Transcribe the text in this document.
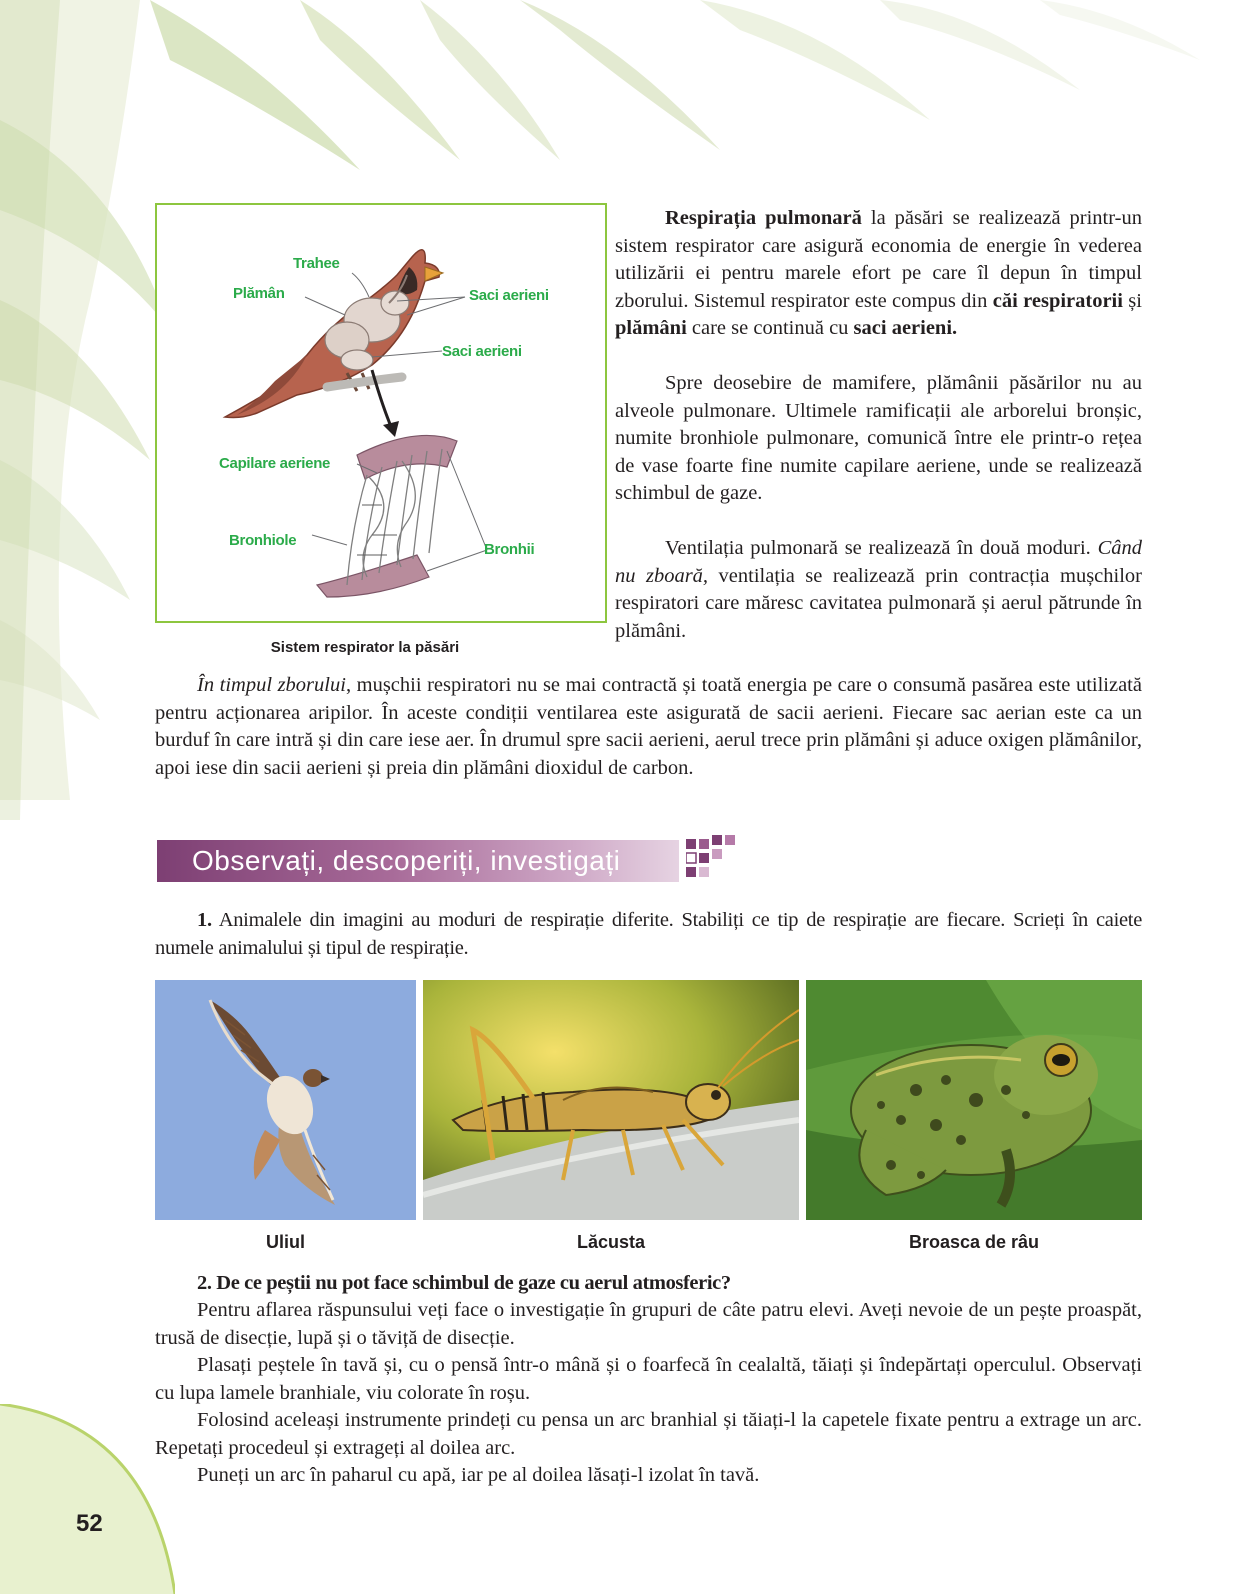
Trahee
Plămân	Saci aerieni
Saci aerieni
Capilare aeriene
Bronhiole
Bronhii
Sistem respirator la păsări

Respirația pulmonară la păsări se realizează printr-un sistem respirator care asigură economia de energie în vederea utilizării ei pentru marele efort pe care îl depun în timpul zborului. Sistemul respirator este compus din căi respiratorii și plămâni care se continuă cu saci aerieni.

Spre deosebire de mamifere, plămânii păsărilor nu au alveole pulmonare. Ultimele ramificații ale arborelui bronșic, numite bronhiole pulmonare, comunică între ele printr-o rețea de vase foarte fine numite capilare aeriene, unde se realizează schimbul de gaze.

Ventilația pulmonară se realizează în două moduri. Când nu zboară, ventilația se realizează prin contracția mușchilor respiratori care măresc cavitatea pulmonară și aerul pătrunde în plămâni.

În timpul zborului, mușchii respiratori nu se mai contractă și toată energia pe care o consumă pasărea este utilizată pentru acționarea aripilor. În aceste condiții ventilarea este asigurată de sacii aerieni. Fiecare sac aerian este ca un burduf în care intră și din care iese aer. În drumul spre sacii aerieni, aerul trece prin plămâni și aduce oxigen plămânilor, apoi iese din sacii aerieni și preia din plămâni dioxidul de carbon.

Observați, descoperiți, investigați

1. Animalele din imagini au moduri de respirație diferite. Stabiliți ce tip de respirație are fiecare. Scrieți în caiete numele animalului și tipul de respirație.

Uliul	Lăcusta	Broasca de râu

2. De ce peștii nu pot face schimbul de gaze cu aerul atmosferic?

Pentru aflarea răspunsului veți face o investigație în grupuri de câte patru elevi. Aveți nevoie de un pește proaspăt, trusă de disecție, lupă și o tăviță de disecție.

Plasați peștele în tavă și, cu o pensă într-o mână și o foarfecă în cealaltă, tăiați și îndepărtați operculul. Observați cu lupa lamele branhiale, viu colorate în roșu.

Folosind aceleași instrumente prindeți cu pensa un arc branhial și tăiați-l la capetele fixate pentru a extrage un arc. Repetați procedeul și extrageți al doilea arc.

Puneți un arc în paharul cu apă, iar pe al doilea lăsați-l izolat în tavă.

52
